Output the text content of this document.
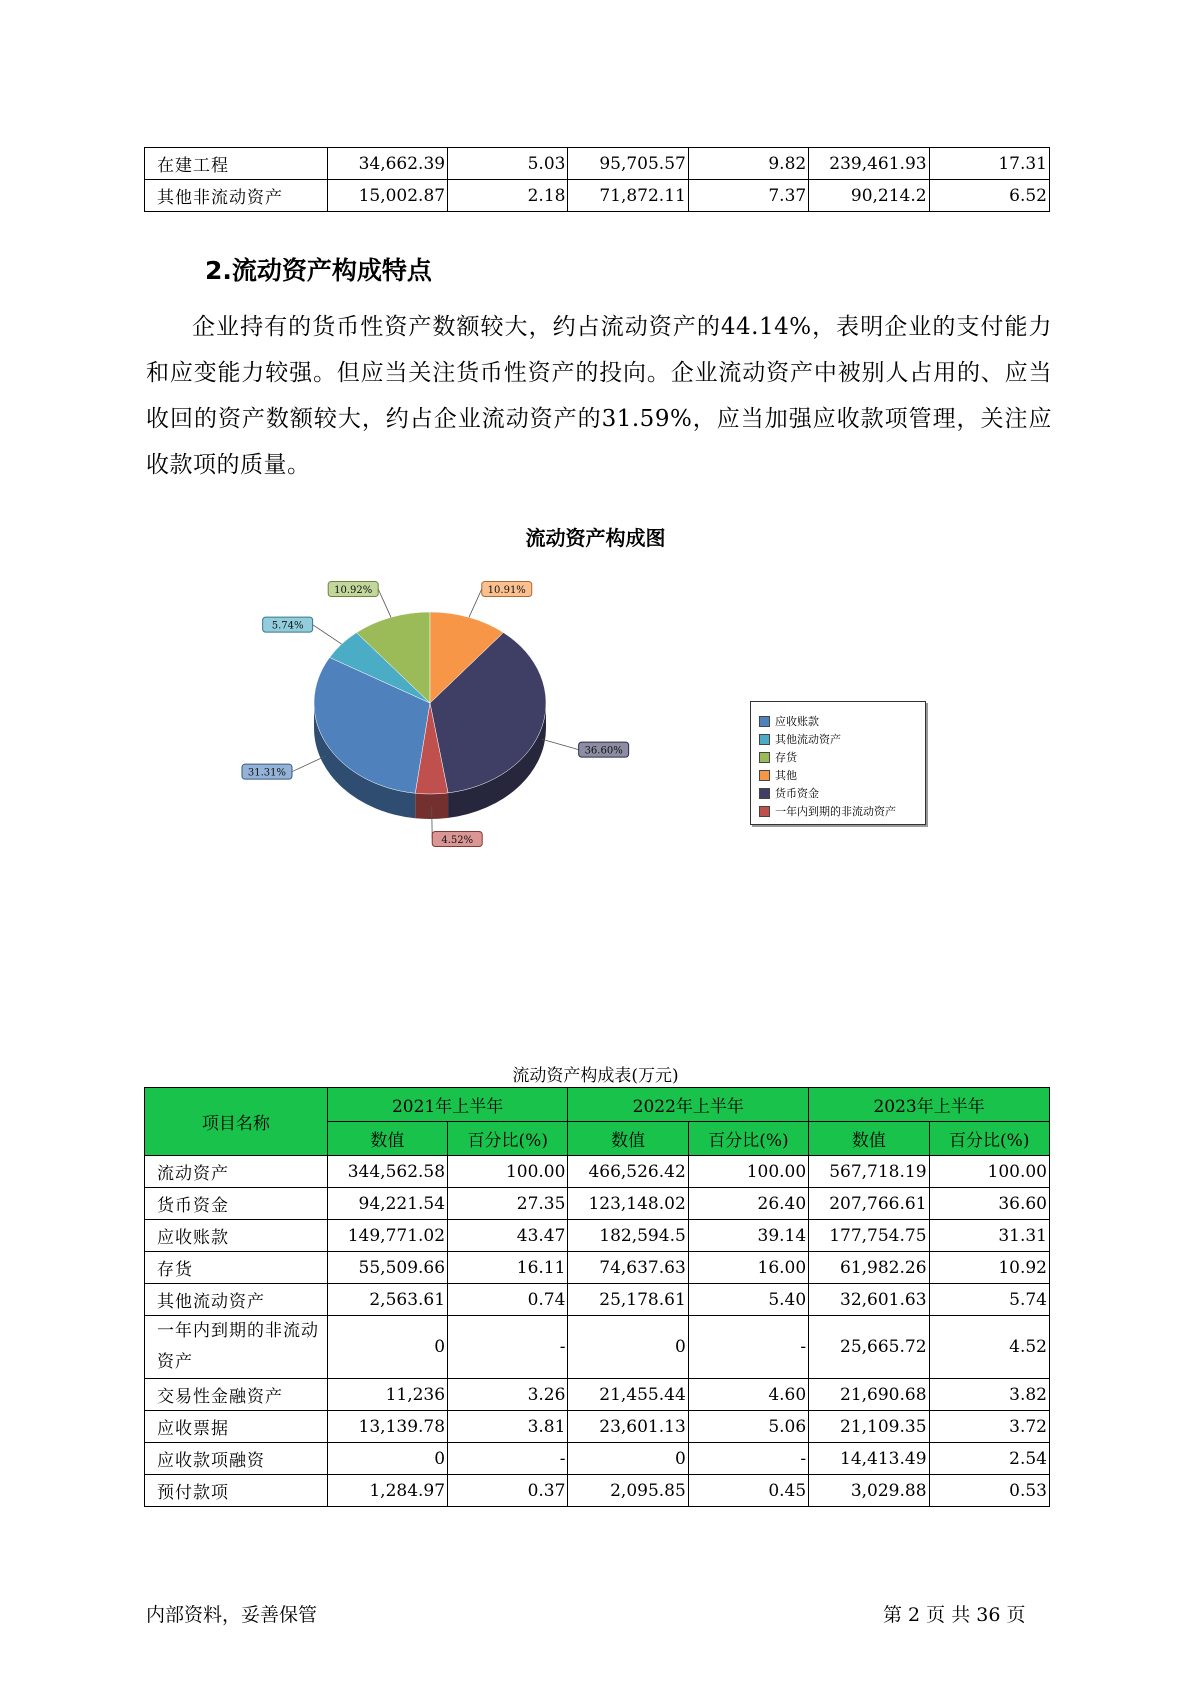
在建工程	34,662.39	5.03	95,705.57	9.82	239,461.93	17.31
其他非流动资产	15,002.87	2.18	71,872.11	7.37	90,214.2	6.52
2.流动资产构成特点

企业持有的货币性资产数额较大，约占流动资产的44.14%，表明企业的支付能力和应变能力较强。但应当关注货币性资产的投向。企业流动资产中被别人占用的、应当收回的资产数额较大，约占企业流动资产的31.59%，应当加强应收款项管理，关注应收款项的质量。

流动资产构成图
36.60%
4.52%
31.31%
5.74%
10.92%	10.91%
应收账款
其他流动资产
存货
其他
货币资金
一年内到期的非流动资产
流动资产构成表(万元)
项目名称	2021年上半年		2022年上半年		2023年上半年	
	数值	百分比(%)	数值	百分比(%)	数值	百分比(%)
流动资产	344,562.58	100.00	466,526.42	100.00	567,718.19	100.00
货币资金	94,221.54	27.35	123,148.02	26.40	207,766.61	36.60
应收账款	149,771.02	43.47	182,594.5	39.14	177,754.75	31.31
存货	55,509.66	16.11	74,637.63	16.00	61,982.26	10.92
其他流动资产	2,563.61	0.74	25,178.61	5.40	32,601.63	5.74
一年内到期的非流动资产	0	-	0	-	25,665.72	4.52
交易性金融资产	11,236	3.26	21,455.44	4.60	21,690.68	3.82
应收票据	13,139.78	3.81	23,601.13	5.06	21,109.35	3.72
应收款项融资	0	-	0	-	14,413.49	2.54
预付款项	1,284.97	0.37	2,095.85	0.45	3,029.88	0.53
内部资料，妥善保管	第 2 页 共 36 页
